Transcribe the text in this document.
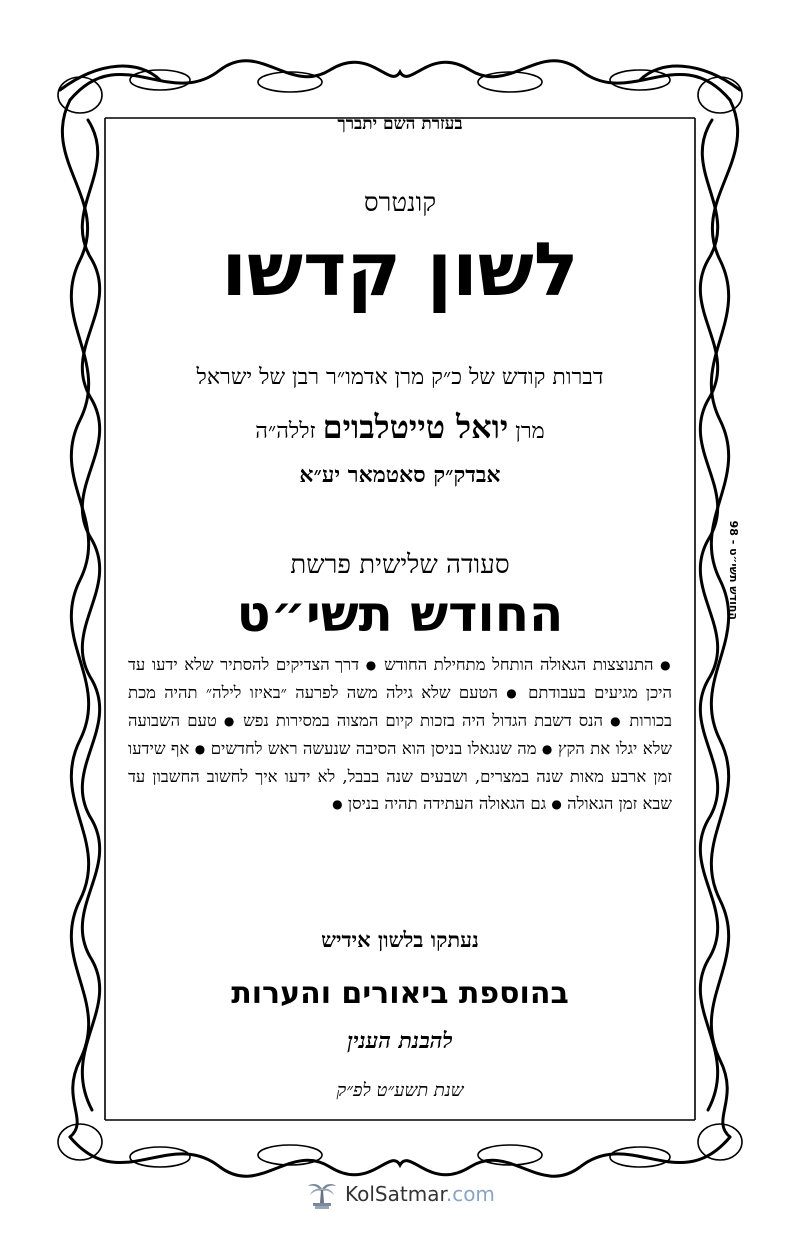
בעזרת השם יתברך
קונטרס
לשון קדשו
דברות קודש של כ״ק מרן אדמו״ר רבן של ישראל
מרן יואל טייטלבוים זללה״ה
אבדק״ק סאטמאר יע״א
סעודה שלישית פרשת
החודש תשי״ט
● התנוצצות הגאולה הותחל מתחילת החודש ● דרך הצדיקים להסתיר שלא ידעו עד היכן מגיעים בעבודתם ● הטעם שלא גילה משה לפרעה ״באיזו לילה״ תהיה מכת בכורות ● הנס דשבת הגדול היה בזכות קיום המצוה במסירות נפש ● טעם השבועה שלא יגלו את הקץ ● מה שנגאלו בניסן הוא הסיבה שנעשה ראש לחדשים ● אף שידעו זמן ארבע מאות שנה במצרים, ושבעים שנה בבבל, לא ידעו איך לחשוב החשבון עד שבא זמן הגאולה ● גם הגאולה העתידה תהיה בניסן ●
נעתקו בלשון אידיש
בהוספת ביאורים והערות
להבנת הענין
שנת תשע״ט לפ״ק
החודש תשי״ט - 98
KolSatmar.com
